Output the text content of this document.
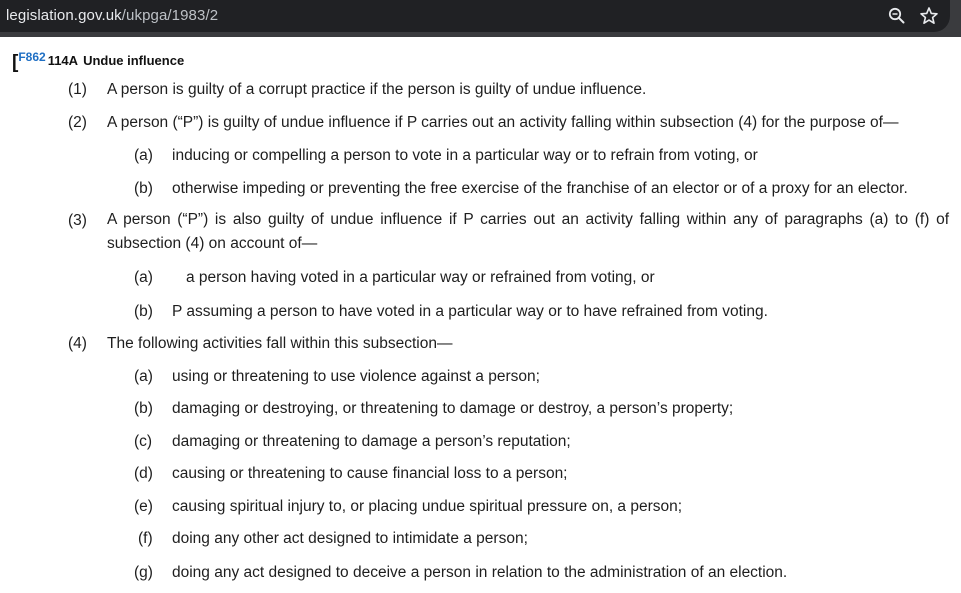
legislation.gov.uk/ukpga/1983/2
[F862 114A Undue influence
(1) A person is guilty of a corrupt practice if the person is guilty of undue influence.
(2) A person (“P”) is guilty of undue influence if P carries out an activity falling within subsection (4) for the purpose of—
(a) inducing or compelling a person to vote in a particular way or to refrain from voting, or
(b) otherwise impeding or preventing the free exercise of the franchise of an elector or of a proxy for an elector.
(3) A person (“P”) is also guilty of undue influence if P carries out an activity falling within any of paragraphs (a) to (f) of subsection (4) on account of—
(a) a person having voted in a particular way or refrained from voting, or
(b) P assuming a person to have voted in a particular way or to have refrained from voting.
(4) The following activities fall within this subsection—
(a) using or threatening to use violence against a person;
(b) damaging or destroying, or threatening to damage or destroy, a person’s property;
(c) damaging or threatening to damage a person’s reputation;
(d) causing or threatening to cause financial loss to a person;
(e) causing spiritual injury to, or placing undue spiritual pressure on, a person;
(f) doing any other act designed to intimidate a person;
(g) doing any act designed to deceive a person in relation to the administration of an election.
